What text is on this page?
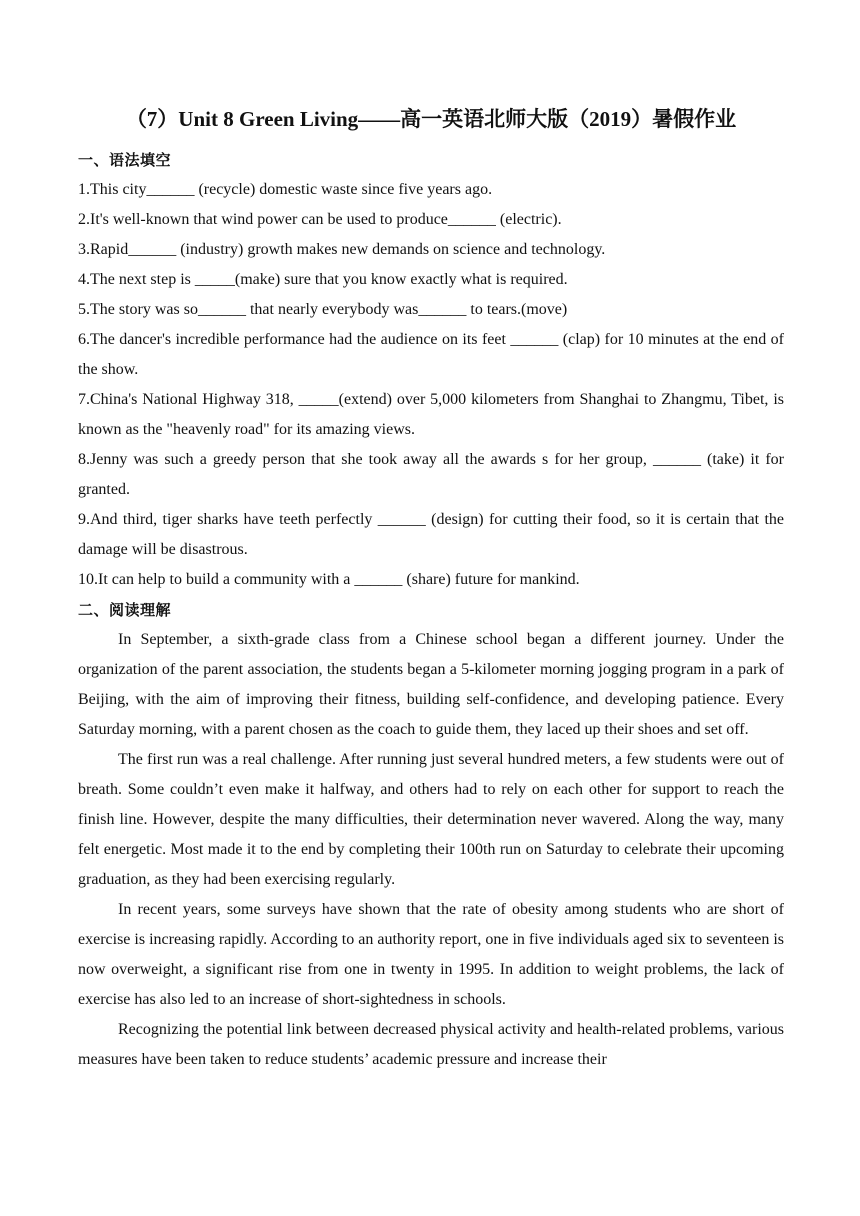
（7）Unit 8 Green Living——高一英语北师大版（2019）暑假作业
一、语法填空

1.This city______ (recycle) domestic waste since five years ago.

2.It's well-known that wind power can be used to produce______ (electric).

3.Rapid______ (industry) growth makes new demands on science and technology.

4.The next step is _____(make) sure that you know exactly what is required.

5.The story was so______ that nearly everybody was______ to tears.(move)

6.The dancer's incredible performance had the audience on its feet ______ (clap) for 10 minutes at the end of the show.

7.China's National Highway 318, _____(extend) over 5,000 kilometers from Shanghai to Zhangmu, Tibet, is known as the "heavenly road" for its amazing views.

8.Jenny was such a greedy person that she took away all the awards s for her group, ______ (take) it for granted.

9.And third, tiger sharks have teeth perfectly ______ (design) for cutting their food, so it is certain that the damage will be disastrous.

10.It can help to build a community with a ______ (share) future for mankind.

二、阅读理解

In September, a sixth-grade class from a Chinese school began a different journey. Under the organization of the parent association, the students began a 5-kilometer morning jogging program in a park of Beijing, with the aim of improving their fitness, building self-confidence, and developing patience. Every Saturday morning, with a parent chosen as the coach to guide them, they laced up their shoes and set off.

The first run was a real challenge. After running just several hundred meters, a few students were out of breath. Some couldn’t even make it halfway, and others had to rely on each other for support to reach the finish line. However, despite the many difficulties, their determination never wavered. Along the way, many felt energetic. Most made it to the end by completing their 100th run on Saturday to celebrate their upcoming graduation, as they had been exercising regularly.

In recent years, some surveys have shown that the rate of obesity among students who are short of exercise is increasing rapidly. According to an authority report, one in five individuals aged six to seventeen is now overweight, a significant rise from one in twenty in 1995. In addition to weight problems, the lack of exercise has also led to an increase of short-sightedness in schools.

Recognizing the potential link between decreased physical activity and health-related problems, various measures have been taken to reduce students’ academic pressure and increase their
